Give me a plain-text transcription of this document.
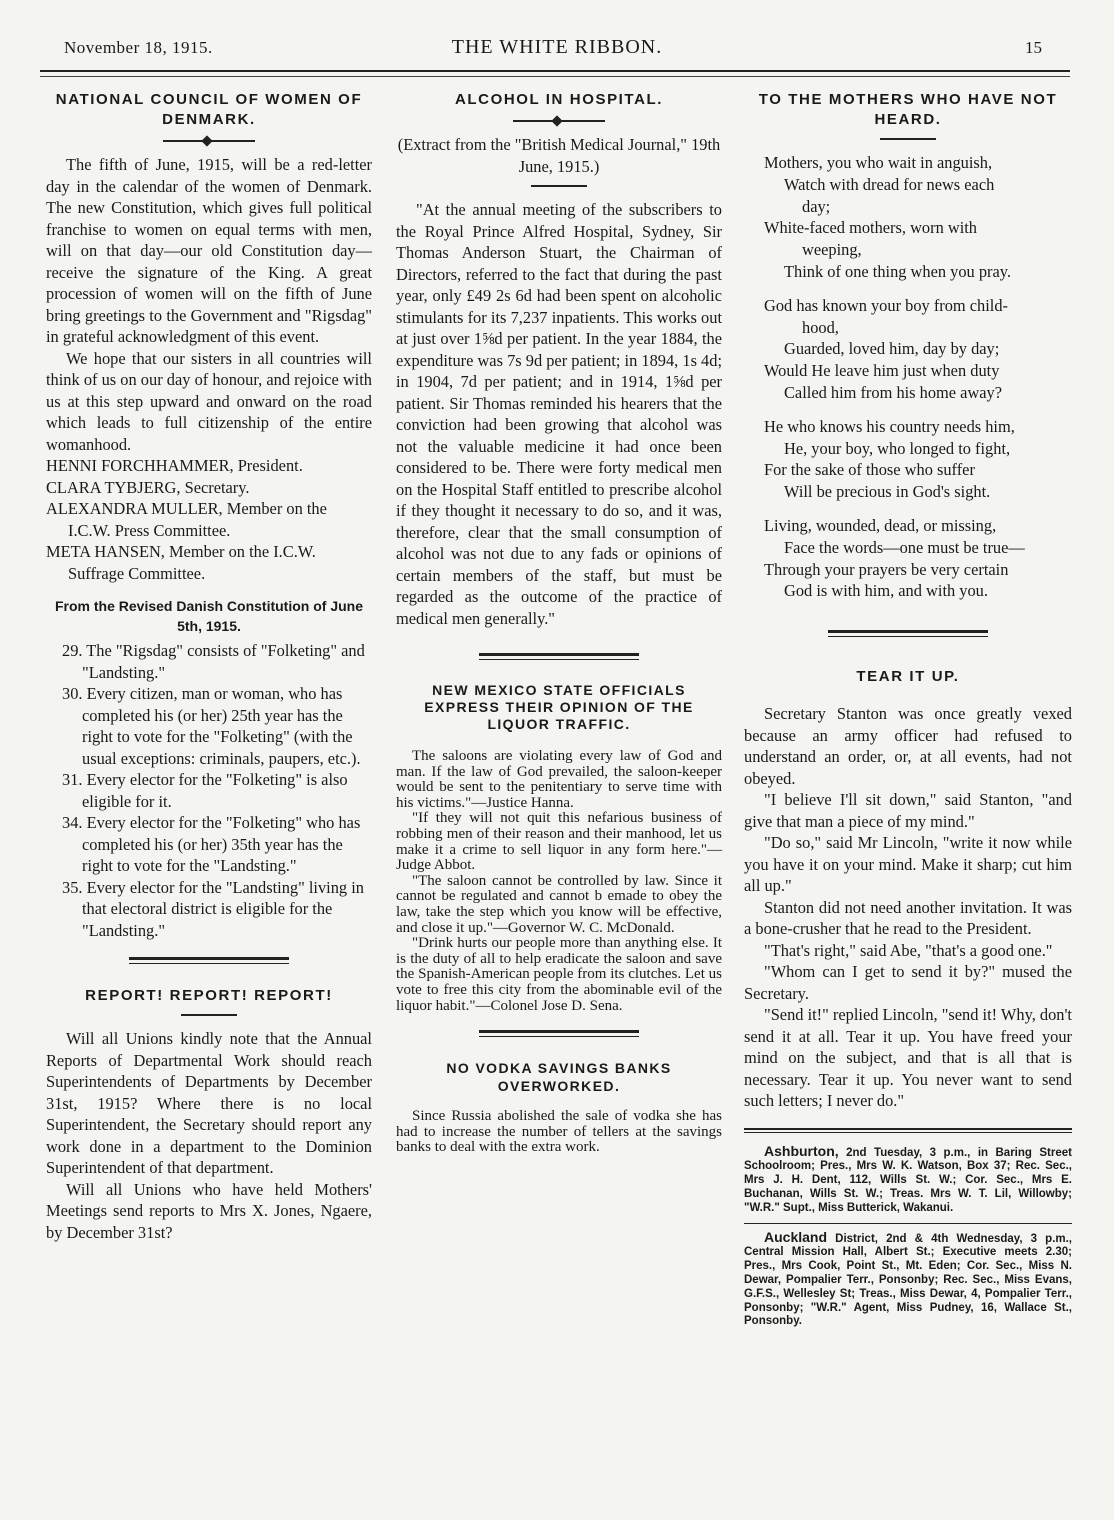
November 18, 1915.	THE WHITE RIBBON.	15
NATIONAL COUNCIL OF WOMEN OF DENMARK.

The fifth of June, 1915, will be a red-letter day in the calendar of the women of Denmark. The new Constitution, which gives full political franchise to women on equal terms with men, will on that day—our old Constitution day—receive the signature of the King. A great procession of women will on the fifth of June bring greetings to the Government and "Rigsdag" in grateful acknowledgment of this event.

We hope that our sisters in all countries will think of us on our day of honour, and rejoice with us at this step upward and onward on the road which leads to full citizenship of the entire womanhood.

HENNI FORCHHAMMER, President.

CLARA TYBJERG, Secretary.

ALEXANDRA MULLER, Member on the I.C.W. Press Committee.

META HANSEN, Member on the I.C.W. Suffrage Committee.

From the Revised Danish Constitution of June 5th, 1915.

29. The "Rigsdag" consists of "Folketing" and "Landsting."

30. Every citizen, man or woman, who has completed his (or her) 25th year has the right to vote for the "Folketing" (with the usual exceptions: criminals, paupers, etc.).

31. Every elector for the "Folketing" is also eligible for it.

34. Every elector for the "Folketing" who has completed his (or her) 35th year has the right to vote for the "Landsting."

35. Every elector for the "Landsting" living in that electoral district is eligible for the "Landsting."

REPORT! REPORT! REPORT!

Will all Unions kindly note that the Annual Reports of Departmental Work should reach Superintendents of Departments by December 31st, 1915? Where there is no local Superintendent, the Secretary should report any work done in a department to the Dominion Superintendent of that department.

Will all Unions who have held Mothers' Meetings send reports to Mrs X. Jones, Ngaere, by December 31st?

ALCOHOL IN HOSPITAL.

(Extract from the "British Medical Journal," 19th June, 1915.)

"At the annual meeting of the subscribers to the Royal Prince Alfred Hospital, Sydney, Sir Thomas Anderson Stuart, the Chairman of Directors, referred to the fact that during the past year, only £49 2s 6d had been spent on alcoholic stimulants for its 7,237 inpatients. This works out at just over 1⅝d per patient. In the year 1884, the expenditure was 7s 9d per patient; in 1894, 1s 4d; in 1904, 7d per patient; and in 1914, 1⅝d per patient. Sir Thomas reminded his hearers that the conviction had been growing that alcohol was not the valuable medicine it had once been considered to be. There were forty medical men on the Hospital Staff entitled to prescribe alcohol if they thought it necessary to do so, and it was, therefore, clear that the small consumption of alcohol was not due to any fads or opinions of certain members of the staff, but must be regarded as the outcome of the practice of medical men generally."

NEW MEXICO STATE OFFICIALS EXPRESS THEIR OPINION OF THE LIQUOR TRAFFIC.

The saloons are violating every law of God and man. If the law of God prevailed, the saloon-keeper would be sent to the penitentiary to serve time with his victims."—Justice Hanna.

"If they will not quit this nefarious business of robbing men of their reason and their manhood, let us make it a crime to sell liquor in any form here."—Judge Abbot.

"The saloon cannot be controlled by law. Since it cannot be regulated and cannot b emade to obey the law, take the step which you know will be effective, and close it up."—Governor W. C. McDonald.

"Drink hurts our people more than anything else. It is the duty of all to help eradicate the saloon and save the Spanish-American people from its clutches. Let us vote to free this city from the abominable evil of the liquor habit."—Colonel Jose D. Sena.

NO VODKA SAVINGS BANKS OVERWORKED.

Since Russia abolished the sale of vodka she has had to increase the number of tellers at the savings banks to deal with the extra work.

TO THE MOTHERS WHO HAVE NOT HEARD.

Mothers, you who wait in anguish,

Watch with dread for news each

day;

White-faced mothers, worn with

weeping,

Think of one thing when you pray.

God has known your boy from child-

hood,

Guarded, loved him, day by day;

Would He leave him just when duty

Called him from his home away?

He who knows his country needs him,

He, your boy, who longed to fight,

For the sake of those who suffer

Will be precious in God's sight.

Living, wounded, dead, or missing,

Face the words—one must be true—

Through your prayers be very certain

God is with him, and with you.

TEAR IT UP.

Secretary Stanton was once greatly vexed because an army officer had refused to understand an order, or, at all events, had not obeyed.

"I believe I'll sit down," said Stanton, "and give that man a piece of my mind."

"Do so," said Mr Lincoln, "write it now while you have it on your mind. Make it sharp; cut him all up."

Stanton did not need another invitation. It was a bone-crusher that he read to the President.

"That's right," said Abe, "that's a good one."

"Whom can I get to send it by?" mused the Secretary.

"Send it!" replied Lincoln, "send it! Why, don't send it at all. Tear it up. You have freed your mind on the subject, and that is all that is necessary. Tear it up. You never want to send such letters; I never do."

Ashburton, 2nd Tuesday, 3 p.m., in Baring Street Schoolroom; Pres., Mrs W. K. Watson, Box 37; Rec. Sec., Mrs J. H. Dent, 112, Wills St. W.; Cor. Sec., Mrs E. Buchanan, Wills St. W.; Treas. Mrs W. T. Lil, Willowby; "W.R." Supt., Miss Butterick, Wakanui.

Auckland District, 2nd & 4th Wednesday, 3 p.m., Central Mission Hall, Albert St.; Executive meets 2.30; Pres., Mrs Cook, Point St., Mt. Eden; Cor. Sec., Miss N. Dewar, Pompalier Terr., Ponsonby; Rec. Sec., Miss Evans, G.F.S., Wellesley St; Treas., Miss Dewar, 4, Pompalier Terr., Ponsonby; "W.R." Agent, Miss Pudney, 16, Wallace St., Ponsonby.
